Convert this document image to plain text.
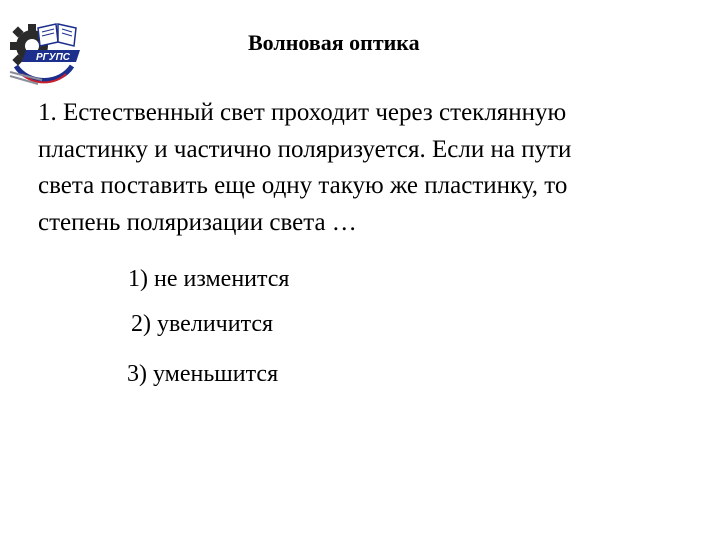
РГУПС
Волновая оптика

1. Естественный свет проходит через стеклянную
пластинку и частично поляризуется. Если на пути
света поставить еще одну такую же пластинку, то
степень поляризации света …

1) не изменится
2) увеличится
3) уменьшится
